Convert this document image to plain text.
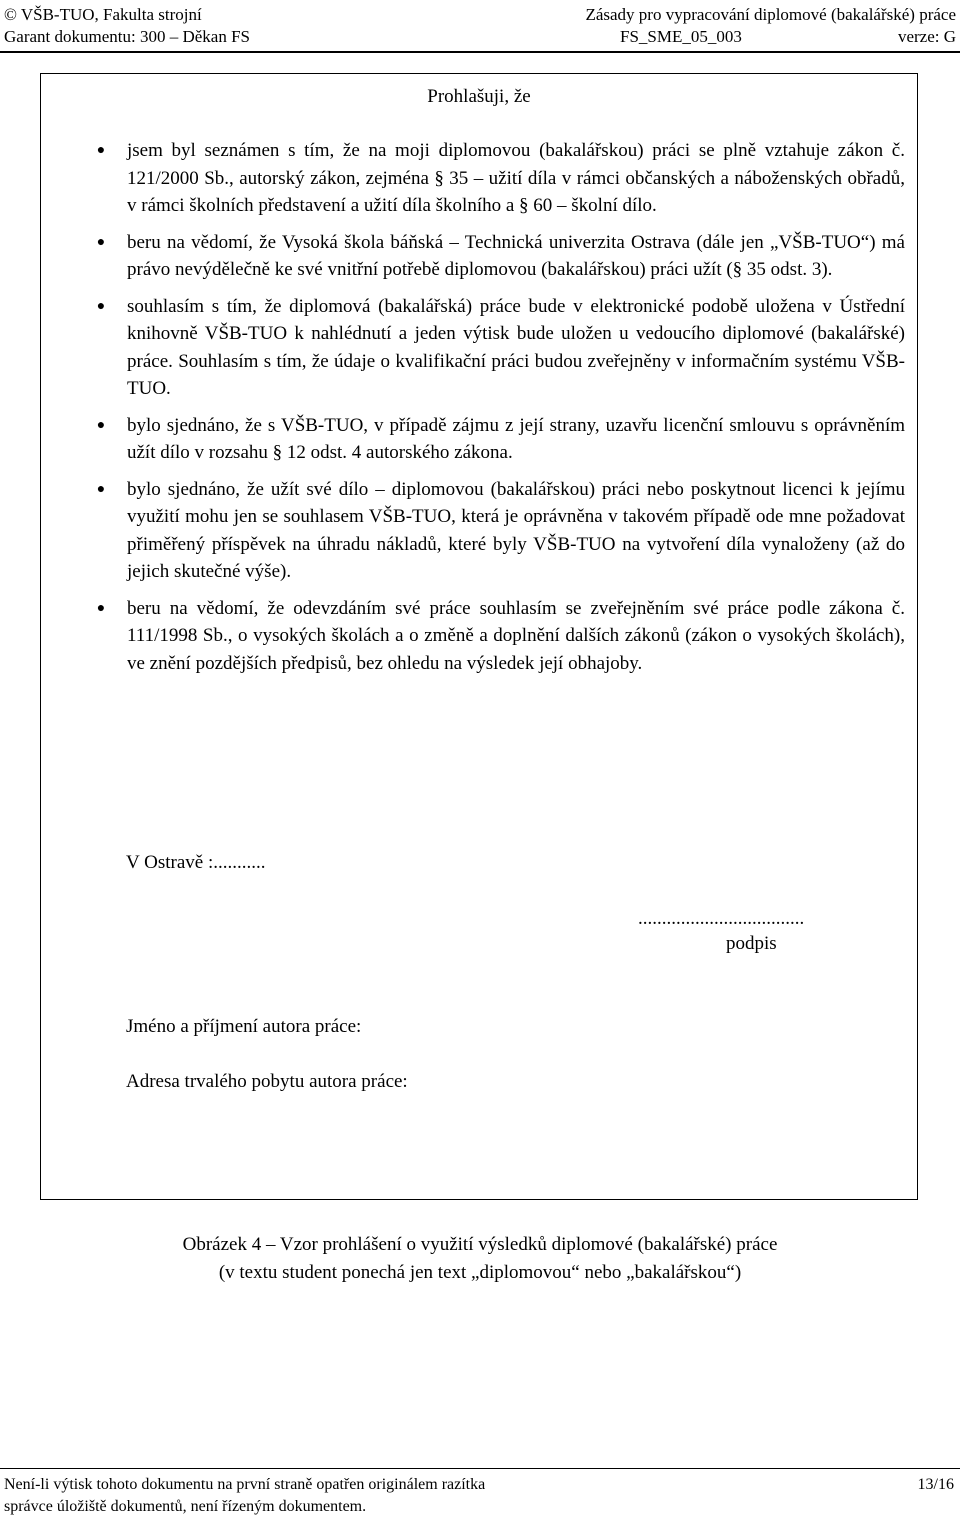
© VŠB-TUO, Fakulta strojní	Zásady pro vypracování diplomové (bakalářské) práce
Garant dokumentu: 300 – Děkan FS	FS_SME_05_003	verze: G
Prohlašuji, že
●	jsem byl seznámen s tím, že na moji diplomovou (bakalářskou) práci se plně vztahuje zákon č. 121/2000 Sb., autorský zákon, zejména § 35 – užití díla v rámci občanských a náboženských obřadů, v rámci školních představení a užití díla školního a § 60 – školní dílo.
●	beru na vědomí, že Vysoká škola báňská – Technická univerzita Ostrava (dále jen „VŠB-TUO“) má právo nevýdělečně ke své vnitřní potřebě diplomovou (bakalářskou) práci užít (§ 35 odst. 3).
●	souhlasím s tím, že diplomová (bakalářská) práce bude v elektronické podobě uložena v Ústřední knihovně VŠB-TUO k nahlédnutí a jeden výtisk bude uložen u vedoucího diplomové (bakalářské) práce. Souhlasím s tím, že údaje o kvalifikační práci budou zveřejněny v informačním systému VŠB-TUO.
●	bylo sjednáno, že s VŠB-TUO, v případě zájmu z její strany, uzavřu licenční smlouvu s oprávněním užít dílo v rozsahu § 12 odst. 4 autorského zákona.
●	bylo sjednáno, že užít své dílo – diplomovou (bakalářskou) práci nebo poskytnout licenci k jejímu využití mohu jen se souhlasem VŠB-TUO, která je oprávněna v takovém případě ode mne požadovat přiměřený příspěvek na úhradu nákladů, které byly VŠB-TUO na vytvoření díla vynaloženy (až do jejich skutečné výše).
●	beru na vědomí, že odevzdáním své práce souhlasím se zveřejněním své práce podle zákona č. 111/1998 Sb., o vysokých školách a o změně a doplnění dalších zákonů (zákon o vysokých školách), ve znění pozdějších předpisů, bez ohledu na výsledek její obhajoby.
V Ostravě :...........
...................................
podpis
Jméno a příjmení autora práce:
Adresa trvalého pobytu autora práce:
Obrázek 4 – Vzor prohlášení o využití výsledků diplomové (bakalářské) práce
(v textu student ponechá jen text „diplomovou“ nebo „bakalářskou“)
Není-li výtisk tohoto dokumentu na první straně opatřen originálem razítka	13/16
správce úložiště dokumentů, není řízeným dokumentem.
